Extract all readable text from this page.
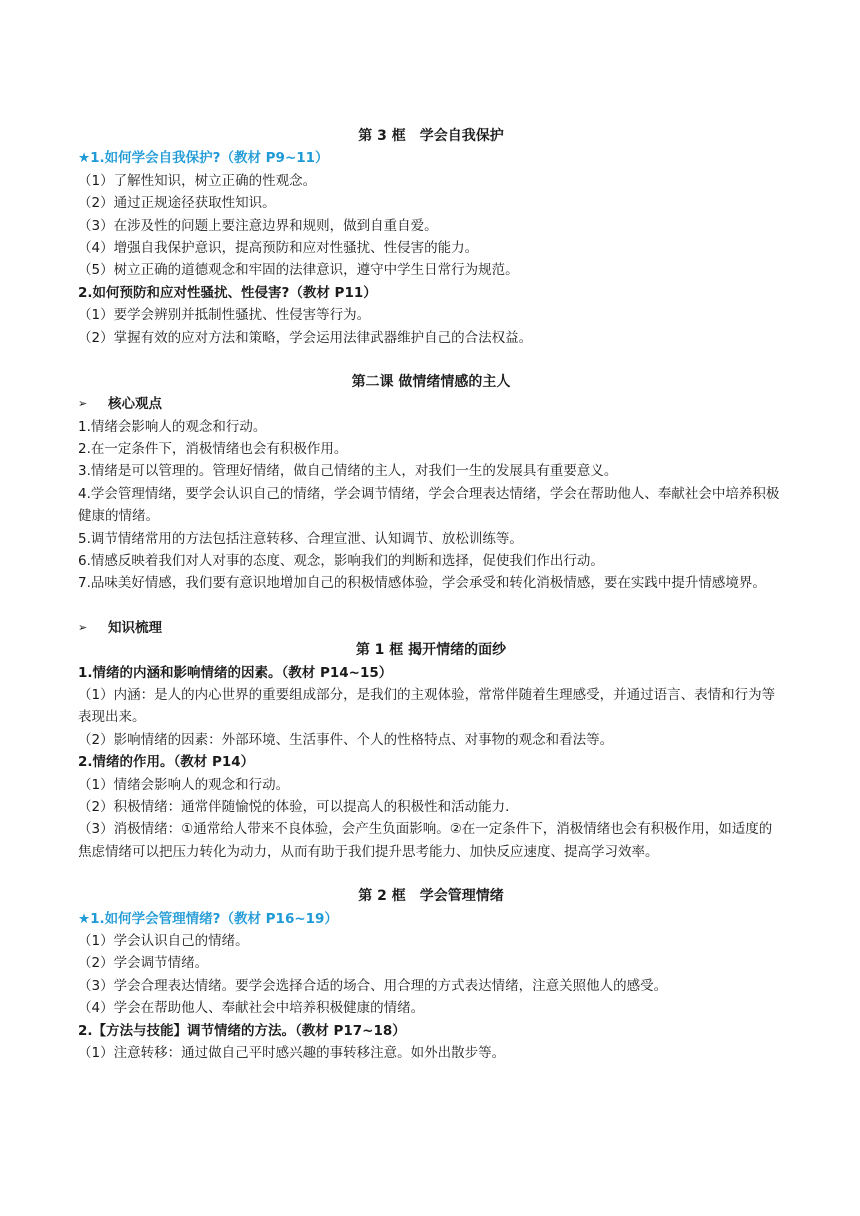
第 3 框　学会自我保护
★1.如何学会自我保护?（教材 P9~11）
（1）了解性知识，树立正确的性观念。
（2）通过正规途径获取性知识。
（3）在涉及性的问题上要注意边界和规则，做到自重自爱。
（4）增强自我保护意识，提高预防和应对性骚扰、性侵害的能力。
（5）树立正确的道德观念和牢固的法律意识，遵守中学生日常行为规范。
2.如何预防和应对性骚扰、性侵害?（教材 P11）
（1）要学会辨别并抵制性骚扰、性侵害等行为。
（2）掌握有效的应对方法和策略，学会运用法律武器维护自己的合法权益。
第二课 做情绪情感的主人
➢	核心观点
1.情绪会影响人的观念和行动。
2.在一定条件下，消极情绪也会有积极作用。
3.情绪是可以管理的。管理好情绪，做自己情绪的主人，对我们一生的发展具有重要意义。
4.学会管理情绪，要学会认识自己的情绪，学会调节情绪，学会合理表达情绪，学会在帮助他人、奉献社会中培养积极健康的情绪。
5.调节情绪常用的方法包括注意转移、合理宣泄、认知调节、放松训练等。
6.情感反映着我们对人对事的态度、观念，影响我们的判断和选择，促使我们作出行动。
7.品味美好情感，我们要有意识地增加自己的积极情感体验，学会承受和转化消极情感，要在实践中提升情感境界。
➢	知识梳理
第 1 框 揭开情绪的面纱
1.情绪的内涵和影响情绪的因素。（教材 P14~15）
（1）内涵：是人的内心世界的重要组成部分，是我们的主观体验，常常伴随着生理感受，并通过语言、表情和行为等表现出来。
（2）影响情绪的因素：外部环境、生活事件、个人的性格特点、对事物的观念和看法等。
2.情绪的作用。（教材 P14）
（1）情绪会影响人的观念和行动。
（2）积极情绪：通常伴随愉悦的体验，可以提高人的积极性和活动能力.
（3）消极情绪：①通常给人带来不良体验，会产生负面影响。②在一定条件下，消极情绪也会有积极作用，如适度的焦虑情绪可以把压力转化为动力，从而有助于我们提升思考能力、加快反应速度、提高学习效率。
第 2 框　学会管理情绪
★1.如何学会管理情绪?（教材 P16~19）
（1）学会认识自己的情绪。
（2）学会调节情绪。
（3）学会合理表达情绪。要学会选择合适的场合、用合理的方式表达情绪，注意关照他人的感受。
（4）学会在帮助他人、奉献社会中培养积极健康的情绪。
2.【方法与技能】调节情绪的方法。（教材 P17~18）
（1）注意转移：通过做自己平时感兴趣的事转移注意。如外出散步等。
